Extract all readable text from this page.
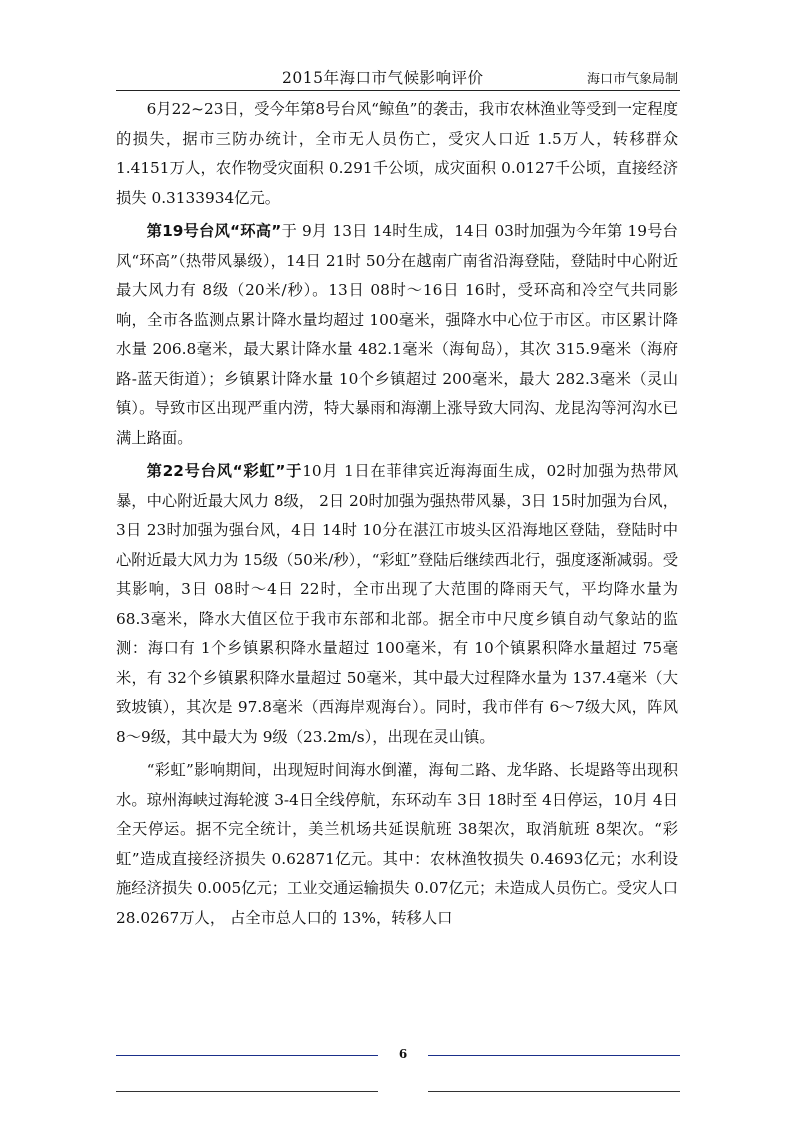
2015年海口市气候影响评价	海口市气象局制

6月22~23日，受今年第8号台风“鲸鱼”的袭击，我市农林渔业等受到一定程度的损失，据市三防办统计，全市无人员伤亡，受灾人口近 1.5万人，转移群众 1.4151万人，农作物受灾面积 0.291千公顷，成灾面积 0.0127千公顷，直接经济损失 0.3133934亿元。

第19号台风“环高”于 9月 13日 14时生成，14日 03时加强为今年第 19号台风“环高”（热带风暴级），14日 21时 50分在越南广南省沿海登陆，登陆时中心附近最大风力有 8级（20米/秒）。13日 08时～16日 16时，受环高和冷空气共同影响，全市各监测点累计降水量均超过 100毫米，强降水中心位于市区。市区累计降水量 206.8毫米，最大累计降水量 482.1毫米（海甸岛），其次 315.9毫米（海府路-蓝天街道）；乡镇累计降水量 10个乡镇超过 200毫米，最大 282.3毫米（灵山镇）。导致市区出现严重内涝，特大暴雨和海潮上涨导致大同沟、龙昆沟等河沟水已满上路面。

第22号台风“彩虹”于10月 1日在菲律宾近海海面生成，02时加强为热带风暴，中心附近最大风力 8级， 2日 20时加强为强热带风暴，3日 15时加强为台风，3日 23时加强为强台风，4日 14时 10分在湛江市坡头区沿海地区登陆，登陆时中心附近最大风力为 15级（50米/秒），“彩虹”登陆后继续西北行，强度逐渐减弱。受其影响，3日 08时～4日 22时，全市出现了大范围的降雨天气，平均降水量为 68.3毫米，降水大值区位于我市东部和北部。据全市中尺度乡镇自动气象站的监测：海口有 1个乡镇累积降水量超过 100毫米，有 10个镇累积降水量超过 75毫米，有 32个乡镇累积降水量超过 50毫米，其中最大过程降水量为 137.4毫米（大致坡镇），其次是 97.8毫米（西海岸观海台）。同时，我市伴有 6～7级大风，阵风 8～9级，其中最大为 9级（23.2m/s），出现在灵山镇。

“彩虹”影响期间，出现短时间海水倒灌，海甸二路、龙华路、长堤路等出现积水。琼州海峡过海轮渡 3-4日全线停航，东环动车 3日 18时至 4日停运，10月 4日全天停运。据不完全统计，美兰机场共延误航班 38架次，取消航班 8架次。“彩虹”造成直接经济损失 0.62871亿元。其中：农林渔牧损失 0.4693亿元；水利设施经济损失 0.005亿元；工业交通运输损失 0.07亿元；未造成人员伤亡。受灾人口 28.0267万人， 占全市总人口的 13%，转移人口

6
